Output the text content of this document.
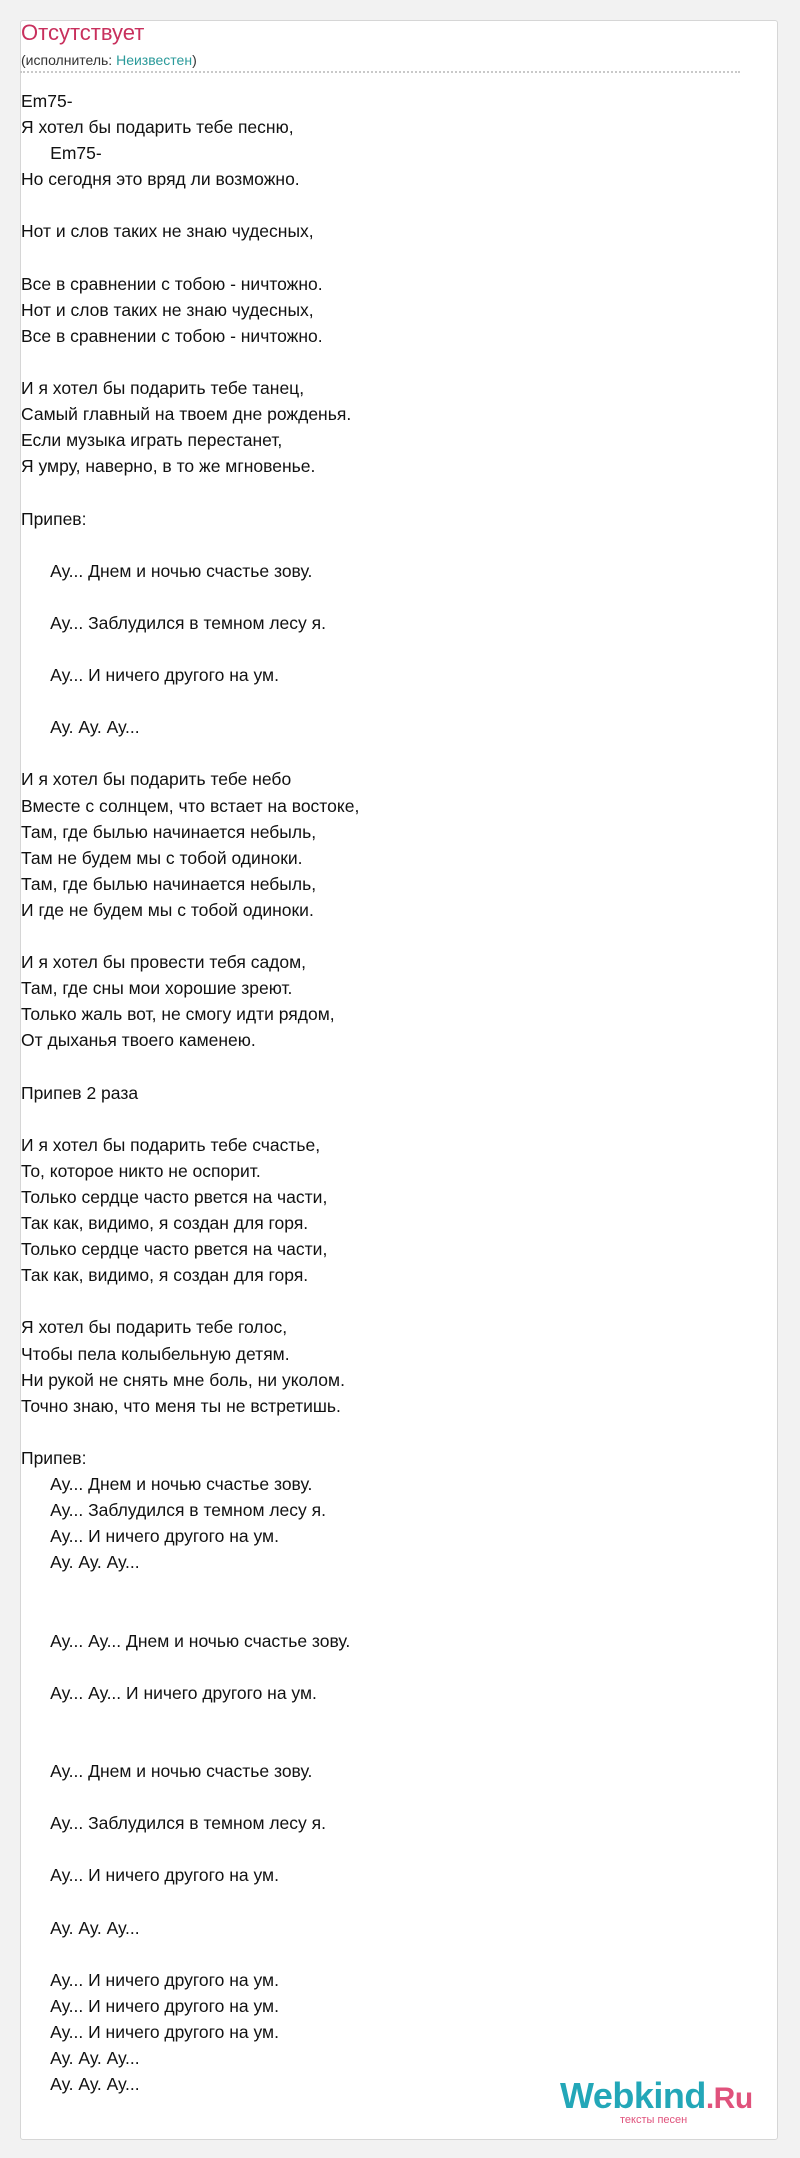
Отсутствует
(исполнитель: Неизвестен)
Em75-
Я хотел бы подарить тебе песню,
Em75-
Но сегодня это вряд ли возможно.
Нот и слов таких не знаю чудесных,
Все в сравнении с тобою - ничтожно.
Нот и слов таких не знаю чудесных,
Все в сравнении с тобою - ничтожно.
И я хотел бы подарить тебе танец,
Самый главный на твоем дне рожденья.
Если музыка играть перестанет,
Я умру, наверно, в то же мгновенье.
Припев:
Ау... Днем и ночью счастье зову.
Ау... Заблудился в темном лесу я.
Ау... И ничего другого на ум.
Ау. Ау. Ау...
И я хотел бы подарить тебе небо
Вместе с солнцем, что встает на востоке,
Там, где былью начинается небыль,
Там не будем мы с тобой одиноки.
Там, где былью начинается небыль,
И где не будем мы с тобой одиноки.
И я хотел бы провести тебя садом,
Там, где сны мои хорошие зреют.
Только жаль вот, не смогу идти рядом,
От дыханья твоего каменею.
Припев 2 раза
И я хотел бы подарить тебе счастье,
То, которое никто не оспорит.
Только сердце часто рвется на части,
Так как, видимо, я создан для горя.
Только сердце часто рвется на части,
Так как, видимо, я создан для горя.
Я хотел бы подарить тебе голос,
Чтобы пела колыбельную детям.
Ни рукой не снять мне боль, ни уколом.
Точно знаю, что меня ты не встретишь.
Припев:
Ау... Днем и ночью счастье зову.
Ау... Заблудился в темном лесу я.
Ау... И ничего другого на ум.
Ау. Ау. Ау...
Ау... Ау... Днем и ночью счастье зову.
Ау... Ау... И ничего другого на ум.
Ау... Днем и ночью счастье зову.
Ау... Заблудился в темном лесу я.
Ау... И ничего другого на ум.
Ау. Ау. Ау...
Ау... И ничего другого на ум.
Ау... И ничего другого на ум.
Ау... И ничего другого на ум.
Ау. Ау. Ау...
Ау. Ау. Ау...	Webkind.Ru
тексты песен
